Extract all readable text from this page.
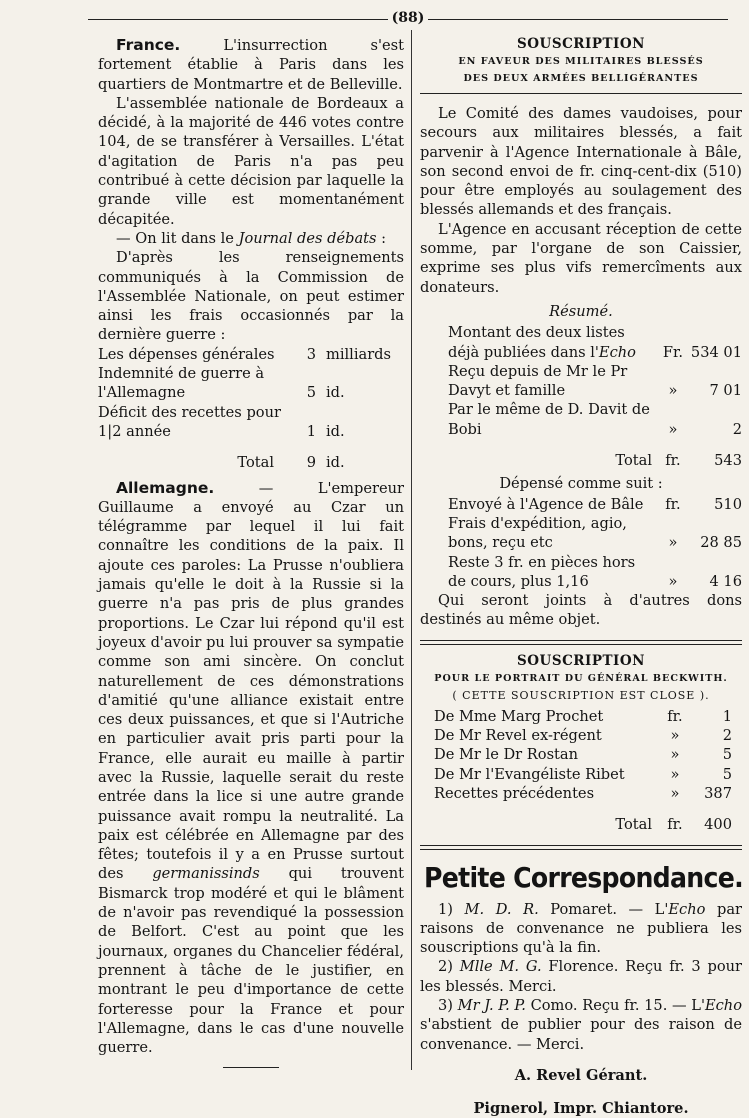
(88)

France. L'insurrection s'est fortement établie à Paris dans les quartiers de Montmartre et de Belleville.

L'assemblée nationale de Bordeaux a décidé, à la majorité de 446 votes contre 104, de se transférer à Versailles. L'état d'agitation de Paris n'a pas peu contribué à cette décision par laquelle la grande ville est momentanément décapitée.

— On lit dans le Journal des débats :

D'après les renseignements communiqués à la Commission de l'Assemblée Nationale, on peut estimer ainsi les frais occasionnés par la dernière guerre :

Les dépenses générales	3	milliards
Indemnité de guerre à l'Allemagne	5	id.
Déficit des recettes pour 1|2 année	1	id.
Total	9	id.

Allemagne. — L'empereur Guillaume a envoyé au Czar un télégramme par lequel il lui fait connaître les conditions de la paix. Il ajoute ces paroles: La Prusse n'oubliera jamais qu'elle le doit à la Russie si la guerre n'a pas pris de plus grandes proportions. Le Czar lui répond qu'il est joyeux d'avoir pu lui prouver sa sympatie comme son ami sincère. On conclut naturellement de ces démonstrations d'amitié qu'une alliance existait entre ces deux puissances, et que si l'Autriche en particulier avait pris parti pour la France, elle aurait eu maille à partir avec la Russie, laquelle serait du reste entrée dans la lice si une autre grande puissance avait rompu la neutralité. La paix est célébrée en Allemagne par des fêtes; toutefois il y a en Prusse surtout des germanissinds qui trouvent Bismarck trop modéré et qui le blâment de n'avoir pas revendiqué la possession de Belfort. C'est au point que les journaux, organes du Chancelier fédéral, prennent à tâche de le justifier, en montrant le peu d'importance de cette forteresse pour la France et pour l'Allemagne, dans le cas d'une nouvelle guerre.

SOUSCRIPTION
EN FAVEUR DES MILITAIRES BLESSÉS
DES DEUX ARMÉES BELLIGÉRANTES

Le Comité des dames vaudoises, pour secours aux militaires blessés, a fait parvenir à l'Agence Internationale à Bâle, son second envoi de fr. cinq-cent-dix (510) pour être employés au soulagement des blessés allemands et des français.

L'Agence en accusant réception de cette somme, par l'organe de son Caissier, exprime ses plus vifs remercîments aux donateurs.

Résumé.
Montant des deux listes déjà publiées dans l'Echo	Fr.	534 01
Reçu depuis de Mr le Pr Davyt et famille	»	7 01
Par le même de D. Davit de Bobi	»	2
Total	fr.	543
Dépensé comme suit :
Envoyé à l'Agence de Bâle	fr.	510
Frais d'expédition, agio, bons, reçu etc	»	28 85
Reste 3 fr. en pièces hors de cours, plus 1,16	»	4 16

Qui seront joints à d'autres dons destinés au même objet.

SOUSCRIPTION
POUR LE PORTRAIT DU GÉNÉRAL BECKWITH.
( CETTE SOUSCRIPTION EST CLOSE ).
De Mme Marg Prochet	fr.	1
De Mr Revel ex-régent	»	2
De Mr le Dr Rostan	»	5
De Mr l'Evangéliste Ribet	»	5
Recettes précédentes	»	387
Total	fr.	400
Petite Correspondance.

1) M. D. R. Pomaret. — L'Echo par raisons de convenance ne publiera les souscriptions qu'à la fin.

2) Mlle M. G. Florence. Reçu fr. 3 pour les blessés. Merci.

3) Mr J. P. P. Como. Reçu fr. 15. — L'Echo s'abstient de publier pour des raison de convenance. — Merci.

A. Revel Gérant.
Pignerol, Impr. Chiantore.
